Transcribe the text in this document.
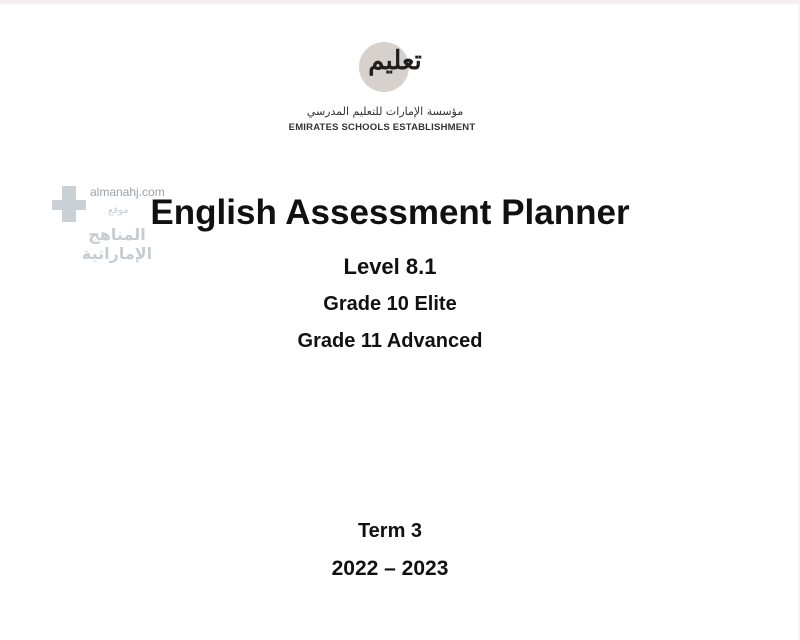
تعليم
مؤسسة الإمارات للتعليم المدرسي
EMIRATES SCHOOLS ESTABLISHMENT
almanahj.com
موقع
المناهج الإماراتية
English Assessment Planner
Level 8.1
Grade 10 Elite
Grade 11 Advanced
Term 3
2022 – 2023
